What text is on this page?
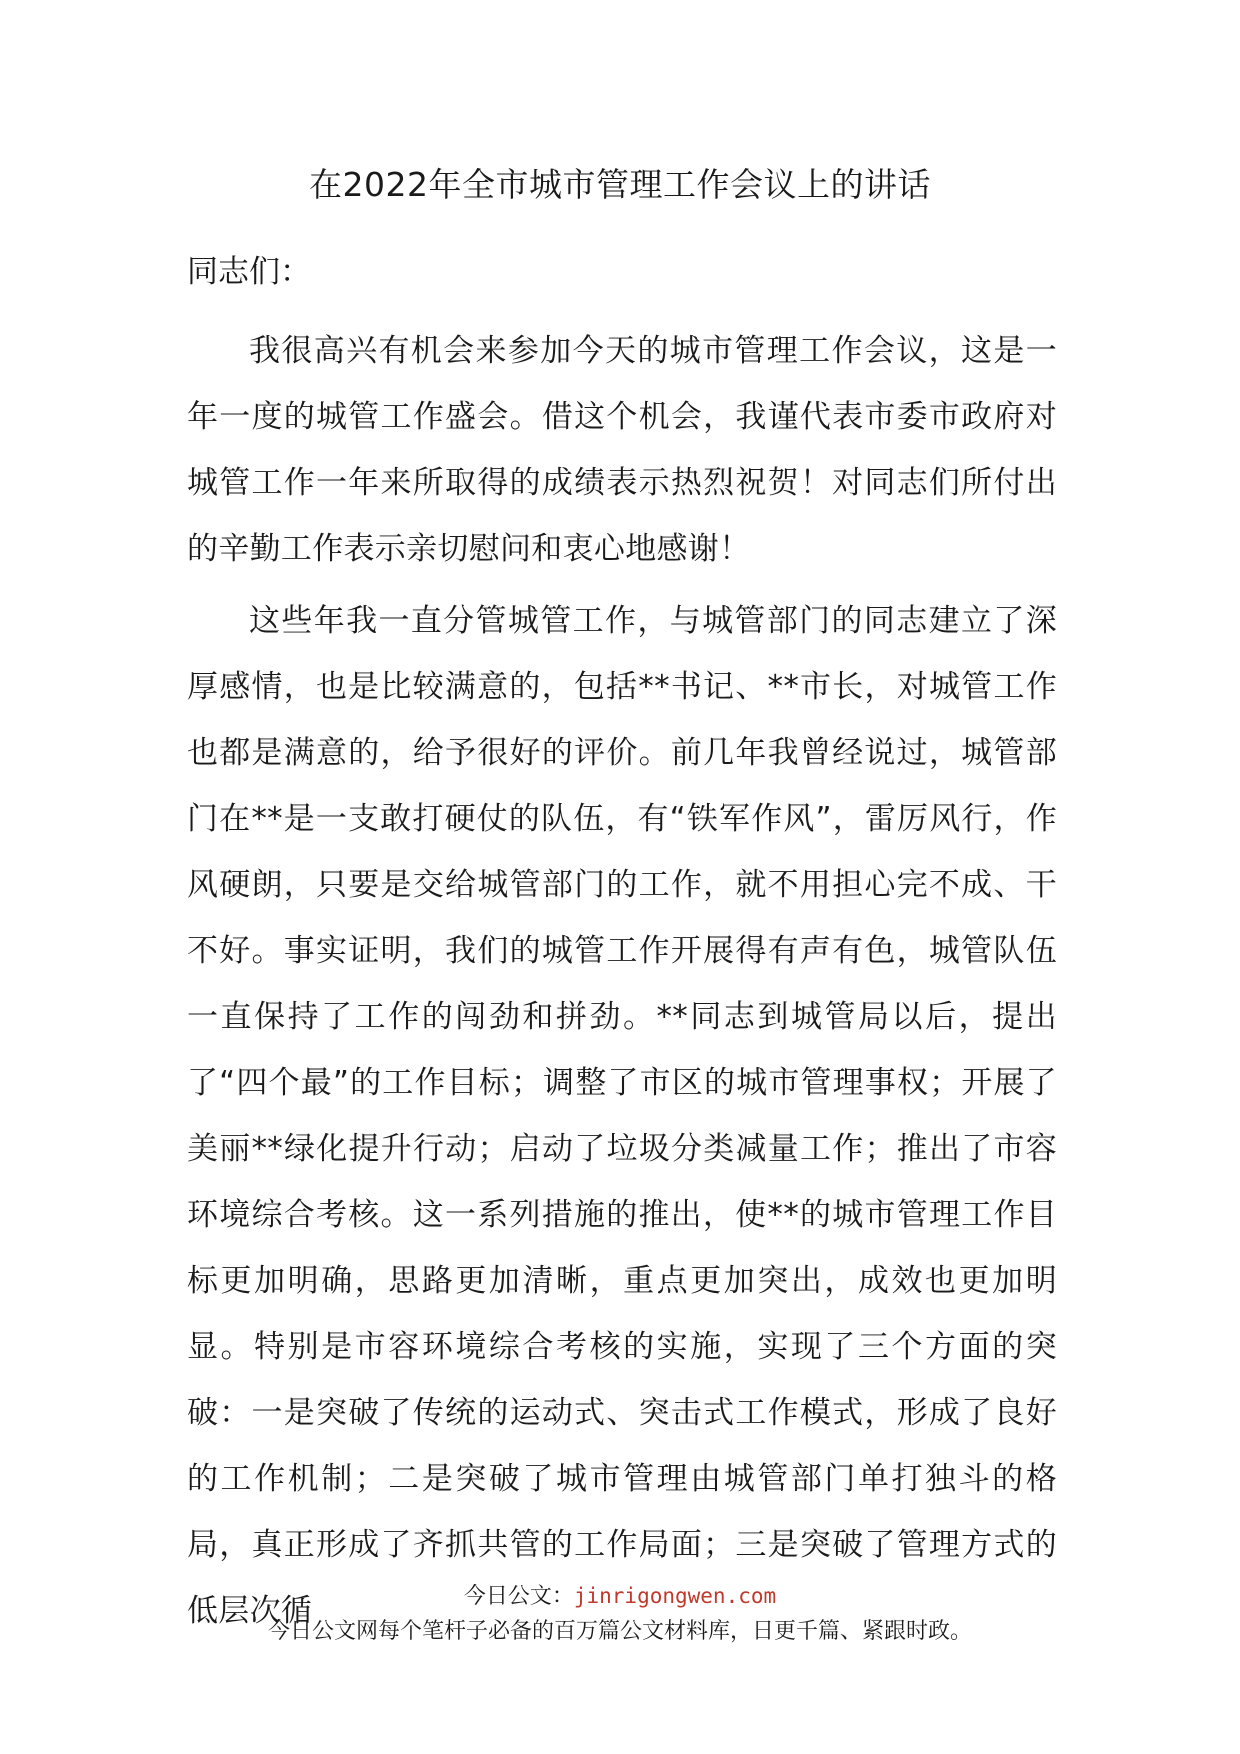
在2022年全市城市管理工作会议上的讲话
同志们：

我很高兴有机会来参加今天的城市管理工作会议，这是一年一度的城管工作盛会。借这个机会，我谨代表市委市政府对城管工作一年来所取得的成绩表示热烈祝贺！对同志们所付出的辛勤工作表示亲切慰问和衷心地感谢！

这些年我一直分管城管工作，与城管部门的同志建立了深厚感情，也是比较满意的，包括**书记、**市长，对城管工作也都是满意的，给予很好的评价。前几年我曾经说过，城管部门在**是一支敢打硬仗的队伍，有“铁军作风”，雷厉风行，作风硬朗，只要是交给城管部门的工作，就不用担心完不成、干不好。事实证明，我们的城管工作开展得有声有色，城管队伍一直保持了工作的闯劲和拼劲。**同志到城管局以后，提出了“四个最”的工作目标；调整了市区的城市管理事权；开展了美丽**绿化提升行动；启动了垃圾分类减量工作；推出了市容环境综合考核。这一系列措施的推出，使**的城市管理工作目标更加明确，思路更加清晰，重点更加突出，成效也更加明显。特别是市容环境综合考核的实施，实现了三个方面的突破：一是突破了传统的运动式、突击式工作模式，形成了良好的工作机制；二是突破了城市管理由城管部门单打独斗的格局，真正形成了齐抓共管的工作局面；三是突破了管理方式的低层次循	今日公文：jinrigongwen.com
今日公文网每个笔杆子必备的百万篇公文材料库，日更千篇、紧跟时政。
